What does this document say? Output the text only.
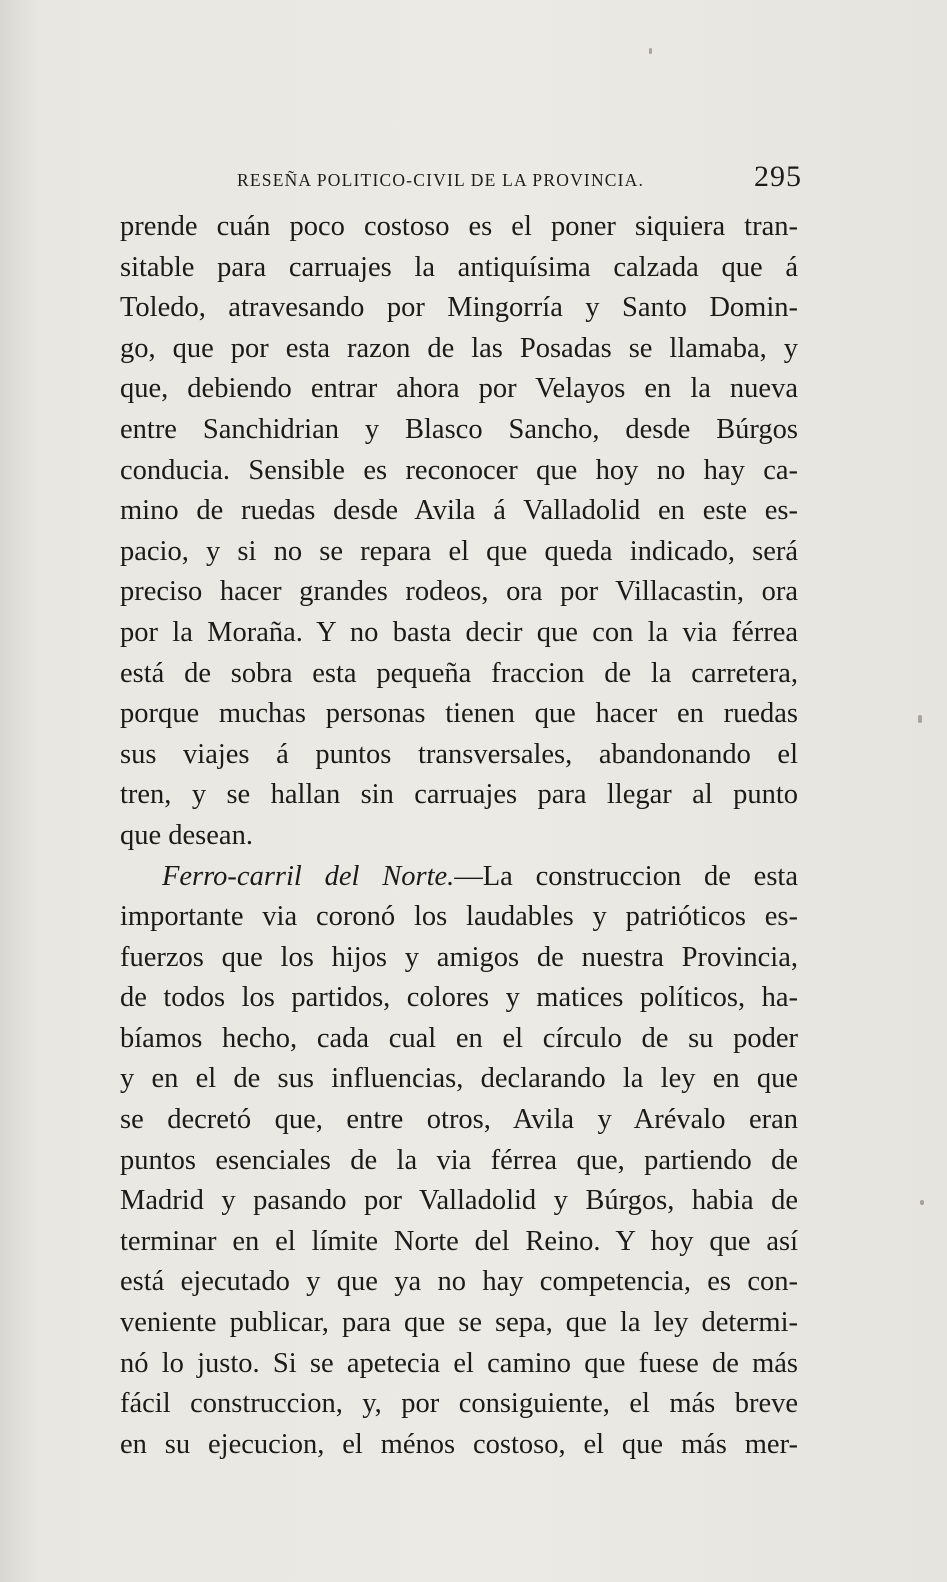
RESEÑA POLITICO-CIVIL DE LA PROVINCIA.	295
prende cuán poco costoso es el poner siquiera tran-
sitable para carruajes la antiquísima calzada que á
Toledo, atravesando por Mingorría y Santo Domin-
go, que por esta razon de las Posadas se llamaba, y
que, debiendo entrar ahora por Velayos en la nueva
entre Sanchidrian y Blasco Sancho, desde Búrgos
conducia. Sensible es reconocer que hoy no hay ca-
mino de ruedas desde Avila á Valladolid en este es-
pacio, y si no se repara el que queda indicado, será
preciso hacer grandes rodeos, ora por Villacastin, ora
por la Moraña. Y no basta decir que con la via férrea
está de sobra esta pequeña fraccion de la carretera,
porque muchas personas tienen que hacer en ruedas
sus viajes á puntos transversales, abandonando el
tren, y se hallan sin carruajes para llegar al punto
que desean.
Ferro-carril del Norte.—La construccion de esta
importante via coronó los laudables y patrióticos es-
fuerzos que los hijos y amigos de nuestra Provincia,
de todos los partidos, colores y matices políticos, ha-
bíamos hecho, cada cual en el círculo de su poder
y en el de sus influencias, declarando la ley en que
se decretó que, entre otros, Avila y Arévalo eran
puntos esenciales de la via férrea que, partiendo de
Madrid y pasando por Valladolid y Búrgos, habia de
terminar en el límite Norte del Reino. Y hoy que así
está ejecutado y que ya no hay competencia, es con-
veniente publicar, para que se sepa, que la ley determi-
nó lo justo. Si se apetecia el camino que fuese de más
fácil construccion, y, por consiguiente, el más breve
en su ejecucion, el ménos costoso, el que más mer-
